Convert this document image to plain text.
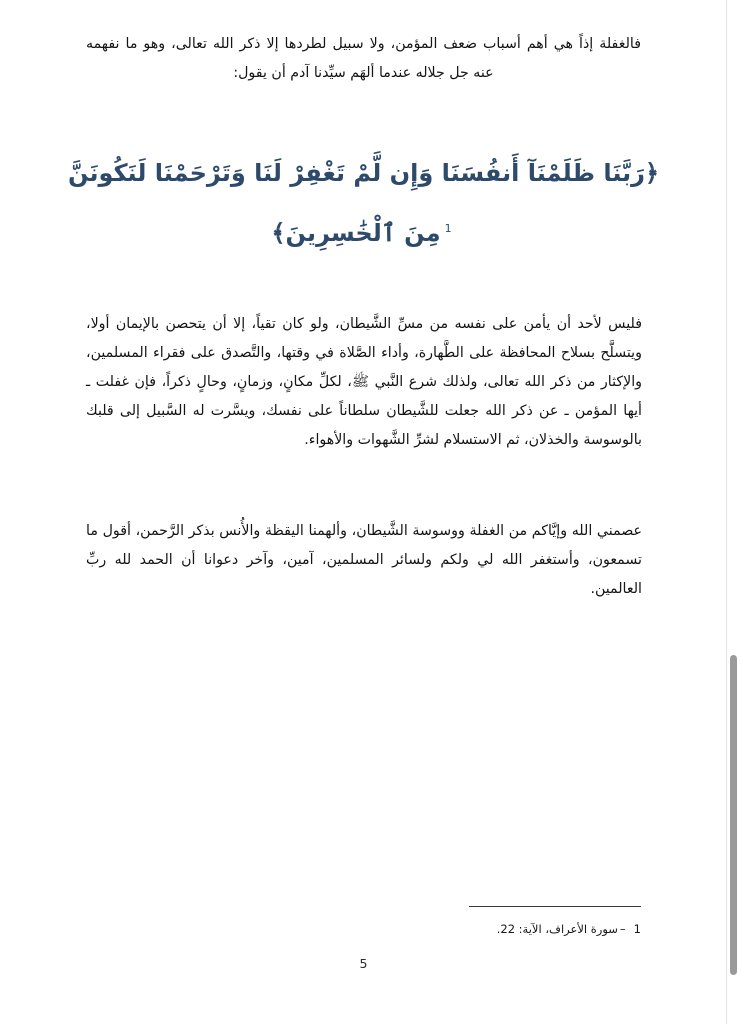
فالغفلة إذاً هي أهم أسباب ضعف المؤمن، ولا سبيل لطردها إلا ذكر الله تعالى، وهو ما نفهمه عنه جل جلاله عندما ألهَم سيِّدنا آدم أن يقول:

﴿رَبَّنَا ظَلَمْنَآ أَنفُسَنَا وَإِن لَّمْ تَغْفِرْ لَنَا وَتَرْحَمْنَا لَنَكُونَنَّ
$^1$مِنَ ٱلْخَٰسِرِينَ﴾

فليس لأحد أن يأمن على نفسه من مسِّ الشَّيطان، ولو كان تقياً، إلا أن يتحصن بالإيمان أولا، ويتسلَّح بسلاح المحافظة على الطَّهارة، وأداء الصَّلاة في وقتها، والتَّصدق على فقراء المسلمين، والإكثار من ذكر الله تعالى، ولذلك شرع النَّبي ﷺ، لكلِّ مكانٍ، وزمانٍ، وحالٍ ذكراً، فإن غفلت ـ أيها المؤمن ـ عن ذكر الله جعلت للشَّيطان سلطاناً على نفسك، ويسَّرت له السَّبيل إلى قلبك بالوسوسة والخذلان، ثم الاستسلام لشرِّ الشَّهوات والأهواء.

عصمني الله وإيَّاكم من الغفلة ووسوسة الشَّيطان، وألهمنا اليقظة والأُنس بذكر الرَّحمن، أقول ما تسمعون، وأستغفر الله لي ولكم ولسائر المسلمين، آمين، وآخر دعوانا أن الحمد لله ربِّ العالمين.

1–سورة الأعراف، الآية: 22.
5
